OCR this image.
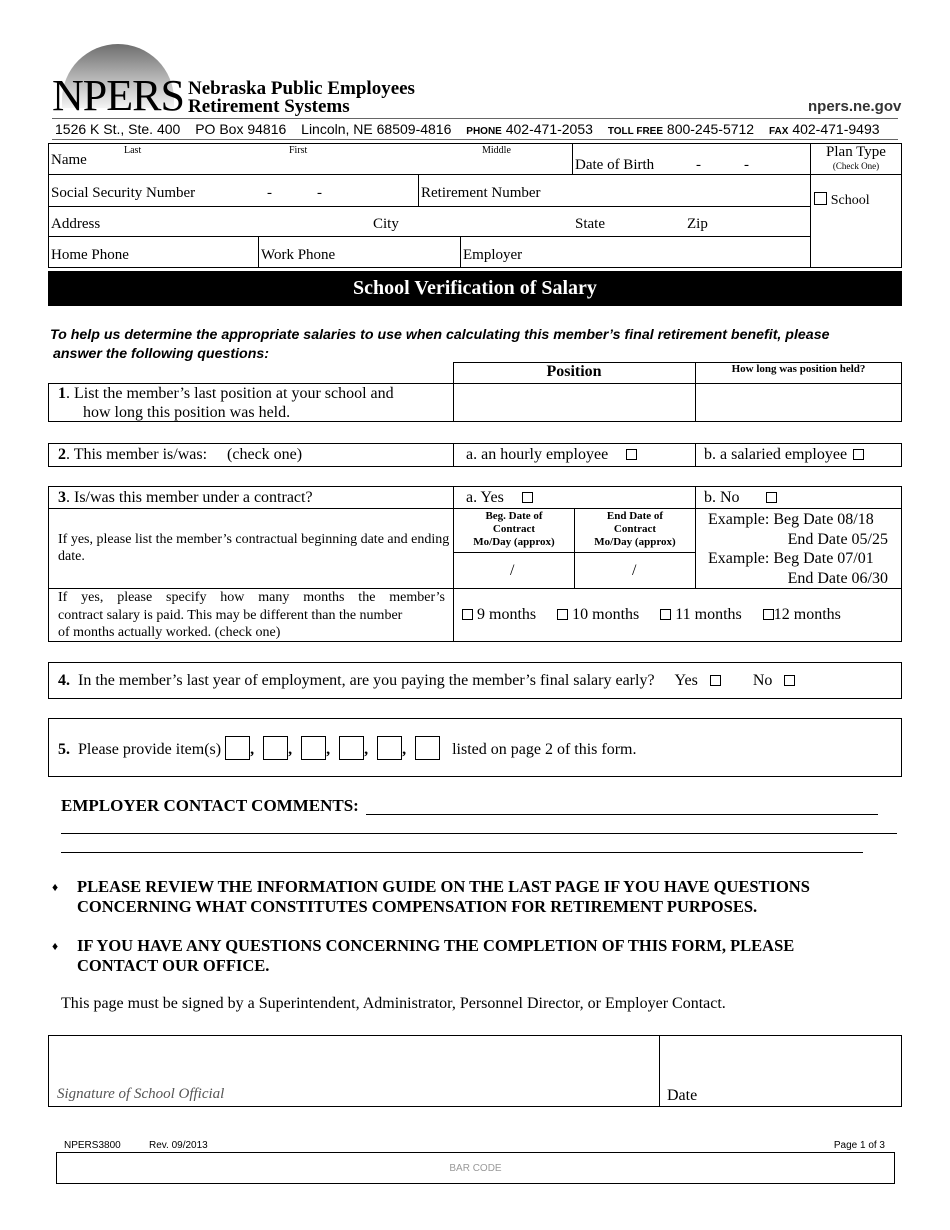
NPERS Nebraska Public Employees
Retirement Systems	npers.ne.gov
1526 K St., Ste. 400 PO Box 94816 Lincoln, NE 68509-4816 PHONE 402-471-2053 TOLL FREE 800-245-5712 FAX 402-471-9493
Name
Last	First	Middle
Date of Birth	-	-
Plan Type
(Check One)
School
Social Security Number	-	-	Retirement Number
Address	City	State	Zip
Home Phone	Work Phone	Employer
School Verification of Salary
To help us determine the appropriate salaries to use when calculating this member’s final retirement benefit, please
answer the following questions:
Position	How long was position held?
1. List the member’s last position at your school and
how long this position was held.
2. This member is/was: (check one)	a. an hourly employee	b. a salaried employee
3. Is/was this member under a contract?	a. Yes	b. No
If yes, please list the member’s contractual beginning date and ending date.
Beg. Date of
Contract
Mo/Day (approx)
End Date of
Contract
Mo/Day (approx)
/	/
Example: Beg Date 08/18
End Date 05/25
Example: Beg Date 07/01
End Date 06/30
If yes, please specify how many months the member’s
contract salary is paid. This may be different than the number
of months actually worked. (check one)
9 months 10 months 11 months 12 months
4. In the member’s last year of employment, are you paying the member’s final salary early? Yes	No
5. Please provide item(s) , , , , ,	listed on page 2 of this form.
EMPLOYER CONTACT COMMENTS:
♦	PLEASE REVIEW THE INFORMATION GUIDE ON THE LAST PAGE IF YOU HAVE QUESTIONS
CONCERNING WHAT CONSTITUTES COMPENSATION FOR RETIREMENT PURPOSES.
♦	IF YOU HAVE ANY QUESTIONS CONCERNING THE COMPLETION OF THIS FORM, PLEASE
CONTACT OUR OFFICE.
This page must be signed by a Superintendent, Administrator, Personnel Director, or Employer Contact.
Signature of School Official	Date
NPERS3800	Rev. 09/2013	Page 1 of 3
BAR CODE
